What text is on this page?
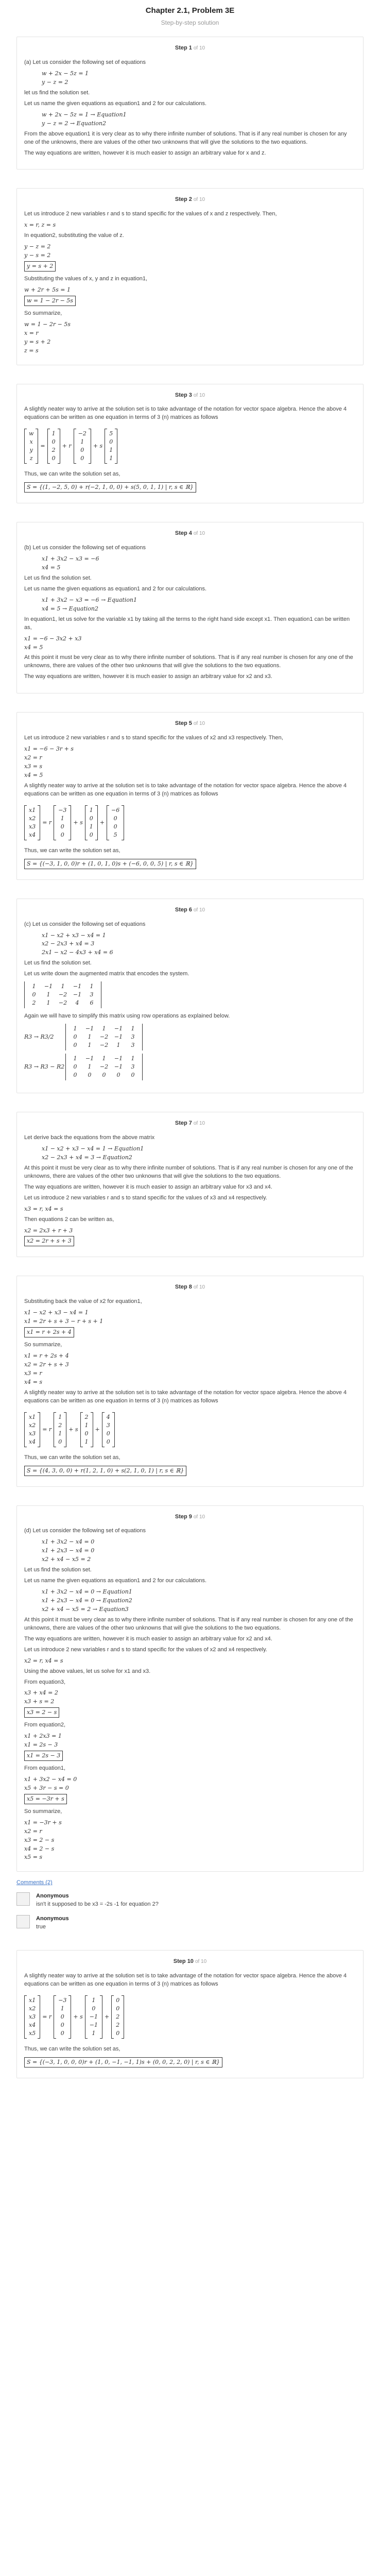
Chapter 2.1, Problem 3E
Step-by-step solution
Step 1 of 10
(a) Let us consider the following set of equations
w + 2x − 5z = 1
y − z = 2
let us find the solution set.
Let us name the given equations as equation1 and 2 for our calculations.
w + 2x − 5z = 1 → Equation1
y − z = 2 → Equation2
From the above equation1 it is very clear as to why there infinite number of solutions. That is if any real number is chosen for any one of the unknowns, there are values of the other two unknowns that will give the solutions to the two equations.
The way equations are written, however it is much easier to assign an arbitrary value for x and z.
Step 2 of 10
Let us introduce 2 new variables r and s to stand specific for the values of x and z respectively. Then,
x = r, z = s
In equation2, substituting the value of z.
y − z = 2
y − s = 2
y = s + 2
Substituting the values of x, y and z in equation1,
w + 2r + 5s = 1
w = 1 − 2r − 5s
So summarize,
w = 1 − 2r − 5s
x = r
y = s + 2
z = s
Step 3 of 10
A slightly neater way to arrive at the solution set is to take advantage of the notation for vector space algebra. Hence the above 4 equations can be written as one equation in terms of 3 (n) matrices as follows
w
x
y
z
=
1
0
2
0
+ r
−2
1
0
0
+ s
5
0
1
1
Thus, we can write the solution set as,
S = {(1, −2, 5, 0) + r(−2, 1, 0, 0) + s(5, 0, 1, 1) | r, s ∈ ℝ}
Step 4 of 10
(b) Let us consider the following set of equations
x1 + 3x2 − x3 = −6
x4 = 5
Let us find the solution set.
Let us name the given equations as equation1 and 2 for our calculations.
x1 + 3x2 − x3 = −6 → Equation1
x4 = 5 → Equation2
In equation1, let us solve for the variable x1 by taking all the terms to the right hand side except x1. Then equation1 can be written as,
x1 = −6 − 3x2 + x3
x4 = 5
At this point it must be very clear as to why there infinite number of solutions. That is if any real number is chosen for any one of the unknowns, there are values of the other two unknowns that will give the solutions to the two equations.
The way equations are written, however it is much easier to assign an arbitrary value for x2 and x3.
Step 5 of 10
Let us introduce 2 new variables r and s to stand specific for the values of x2 and x3 respectively. Then,
x1 = −6 − 3r + s
x2 = r
x3 = s
x4 = 5
A slightly neater way to arrive at the solution set is to take advantage of the notation for vector space algebra. Hence the above 4 equations can be written as one equation in terms of 3 (n) matrices as follows
x1
x2
x3
x4
= r
−3
1
0
0
+ s
1
0
1
0
+
−6
0
0
5
Thus, we can write the solution set as,
S = {(−3, 1, 0, 0)r + (1, 0, 1, 0)s + (−6, 0, 0, 5) | r, s ∈ ℝ}
Step 6 of 10
(c) Let us consider the following set of equations
x1 − x2 + x3 − x4 = 1
x2 − 2x3 + x4 = 3
2x1 − x2 − 4x3 + x4 = 6
Let us find the solution set.
Let us write down the augmented matrix that encodes the system.
1	−1	1	−1	1
0	1	−2	−1	3
2	1	−2	4	6
Again we will have to simplify this matrix using row operations as explained below.
R3 → R3/2
1	−1	1	−1	1
0	1	−2	−1	3
0	1	−2	1	3
R3 → R3 − R2
1	−1	1	−1	1
0	1	−2	−1	3
0	0	0	0	0
Step 7 of 10
Let derive back the equations from the above matrix
x1 − x2 + x3 − x4 = 1 → Equation1
x2 − 2x3 + x4 = 3 → Equation2
At this point it must be very clear as to why there infinite number of solutions. That is if any real number is chosen for any one of the unknowns, there are values of the other two unknowns that will give the solutions to the two equations.
The way equations are written, however it is much easier to assign an arbitrary value for x3 and x4.
Let us introduce 2 new variables r and s to stand specific for the values of x3 and x4 respectively.
x3 = r, x4 = s
Then equations 2 can be written as,
x2 = 2x3 + r + 3
x2 = 2r + s + 3
Step 8 of 10
Substituting back the value of x2 for equation1,
x1 − x2 + x3 − x4 = 1
x1 = 2r + s + 3 − r + s + 1
x1 = r + 2s + 4
So summarize,
x1 = r + 2s + 4
x2 = 2r + s + 3
x3 = r
x4 = s
A slightly neater way to arrive at the solution set is to take advantage of the notation for vector space algebra. Hence the above 4 equations can be written as one equation in terms of 3 (n) matrices as follows
x1
x2
x3
x4
= r
1
2
1
0
+ s
2
1
0
1
+
4
3
0
0
Thus, we can write the solution set as,
S = {(4, 3, 0, 0) + r(1, 2, 1, 0) + s(2, 1, 0, 1) | r, s ∈ ℝ}
Step 9 of 10
(d) Let us consider the following set of equations
x1 + 3x2 − x4 = 0
x1 + 2x3 − x4 = 0
x2 + x4 − x5 = 2
Let us find the solution set.
Let us name the given equations as equation1 and 2 for our calculations.
x1 + 3x2 − x4 = 0 → Equation1
x1 + 2x3 − x4 = 0 → Equation2
x2 + x4 − x5 = 2 → Equation3
At this point it must be very clear as to why there infinite number of solutions. That is if any real number is chosen for any one of the unknowns, there are values of the other two unknowns that will give the solutions to the two equations.
The way equations are written, however it is much easier to assign an arbitrary value for x2 and x4.
Let us introduce 2 new variables r and s to stand specific for the values of x2 and x4 respectively.
x2 = r, x4 = s
Using the above values, let us solve for x1 and x3.
From equation3,
x3 + x4 = 2
x3 + s = 2
x3 = 2 − s
From equation2,
x1 + 2x3 = 1
x1 = 2s − 3
x1 = 2s − 3
From equation1,
x1 + 3x2 − x4 = 0
x5 + 3r − s = 0
x5 = −3r + s
So summarize,
x1 = −3r + s
x2 = r
x3 = 2 − s
x4 = 2 − s
x5 = s
Comments (2)
Anonymous
isn't it supposed to be x3 = -2s -1 for equation 2?
Anonymous
true
Step 10 of 10
A slightly neater way to arrive at the solution set is to take advantage of the notation for vector space algebra. Hence the above 4 equations can be written as one equation in terms of 3 (n) matrices as follows
x1
x2
x3
x4
x5
= r
−3
1
0
0
0
+ s
1
0
−1
−1
1
+
0
0
2
2
0
Thus, we can write the solution set as,
S = {(−3, 1, 0, 0, 0)r + (1, 0, −1, −1, 1)s + (0, 0, 2, 2, 0) | r, s ∈ ℝ}
